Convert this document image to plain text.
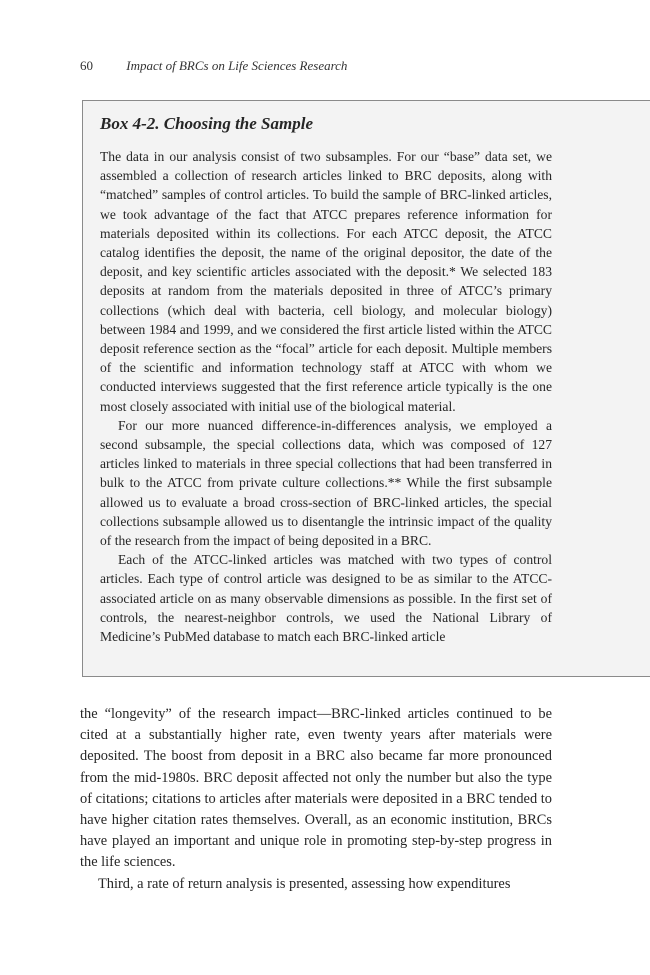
60	Impact of BRCs on Life Sciences Research
Box 4-2. Choosing the Sample

The data in our analysis consist of two subsamples. For our “base” data set, we assembled a collection of research articles linked to BRC deposits, along with “matched” samples of control articles. To build the sample of BRC-linked articles, we took advantage of the fact that ATCC prepares reference information for materials deposited within its collections. For each ATCC deposit, the ATCC catalog identifies the deposit, the name of the original depositor, the date of the deposit, and key scientific articles associated with the deposit.* We selected 183 deposits at random from the materials deposited in three of ATCC’s primary collections (which deal with bacteria, cell biology, and molecular biology) between 1984 and 1999, and we considered the first article listed within the ATCC deposit reference section as the “focal” article for each deposit. Multiple members of the scientific and information technology staff at ATCC with whom we conducted interviews suggested that the first reference article typically is the one most closely associated with initial use of the biological material.

For our more nuanced difference-in-differences analysis, we employed a second subsample, the special collections data, which was composed of 127 articles linked to materials in three special collections that had been transferred in bulk to the ATCC from private culture collections.** While the first subsample allowed us to evaluate a broad cross-section of BRC-linked articles, the special collections subsample allowed us to disentangle the intrinsic impact of the quality of the research from the impact of being deposited in a BRC.

Each of the ATCC-linked articles was matched with two types of control articles. Each type of control article was designed to be as similar to the ATCC-associated article on as many observable dimensions as possible. In the first set of controls, the nearest-neighbor controls, we used the National Library of Medicine’s PubMed database to match each BRC-linked article

the “longevity” of the research impact—BRC-linked articles continued to be cited at a substantially higher rate, even twenty years after materials were deposited. The boost from deposit in a BRC also became far more pronounced from the mid-1980s. BRC deposit affected not only the number but also the type of citations; citations to articles after materials were deposited in a BRC tended to have higher citation rates themselves. Overall, as an economic institution, BRCs have played an important and unique role in promoting step-by-step progress in the life sciences.

Third, a rate of return analysis is presented, assessing how expenditures
